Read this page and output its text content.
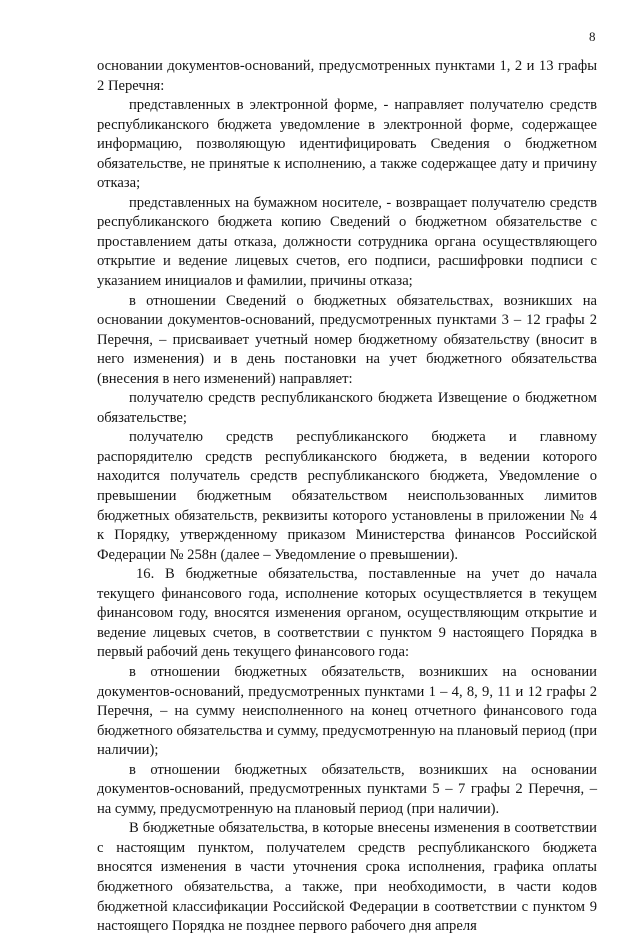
8

основании документов-оснований, предусмотренных пунктами 1, 2 и 13 графы 2 Перечня:

представленных в электронной форме, - направляет получателю средств республиканского бюджета уведомление в электронной форме, содержащее информацию, позволяющую идентифицировать Сведения о бюджетном обязательстве, не принятые к исполнению, а также содержащее дату и причину отказа;

представленных на бумажном носителе, - возвращает получателю средств республиканского бюджета копию Сведений о бюджетном обязательстве с проставлением даты отказа, должности сотрудника органа осуществляющего открытие и ведение лицевых счетов, его подписи, расшифровки подписи с указанием инициалов и фамилии, причины отказа;

в отношении Сведений о бюджетных обязательствах, возникших на основании документов-оснований, предусмотренных пунктами 3 – 12 графы 2 Перечня, – присваивает учетный номер бюджетному обязательству (вносит в него изменения) и в день постановки на учет бюджетного обязательства (внесения в него изменений) направляет:

получателю средств республиканского бюджета Извещение о бюджетном обязательстве;

получателю средств республиканского бюджета и главному распорядителю средств республиканского бюджета, в ведении которого находится получатель средств республиканского бюджета, Уведомление о превышении бюджетным обязательством неиспользованных лимитов бюджетных обязательств, реквизиты которого установлены в приложении № 4 к Порядку, утвержденному приказом Министерства финансов Российской Федерации № 258н (далее – Уведомление о превышении).

16. В бюджетные обязательства, поставленные на учет до начала текущего финансового года, исполнение которых осуществляется в текущем финансовом году, вносятся изменения органом, осуществляющим открытие и ведение лицевых счетов, в соответствии с пунктом 9 настоящего Порядка в первый рабочий день текущего финансового года:

в отношении бюджетных обязательств, возникших на основании документов-оснований, предусмотренных пунктами 1 – 4, 8, 9, 11 и 12 графы 2 Перечня, – на сумму неисполненного на конец отчетного финансового года бюджетного обязательства и сумму, предусмотренную на плановый период (при наличии);

в отношении бюджетных обязательств, возникших на основании документов-оснований, предусмотренных пунктами 5 – 7 графы 2 Перечня, – на сумму, предусмотренную на плановый период (при наличии).

В бюджетные обязательства, в которые внесены изменения в соответствии с настоящим пунктом, получателем средств республиканского бюджета вносятся изменения в части уточнения срока исполнения, графика оплаты бюджетного обязательства, а также, при необходимости, в части кодов бюджетной классификации Российской Федерации в соответствии с пунктом 9 настоящего Порядка не позднее первого рабочего дня апреля
